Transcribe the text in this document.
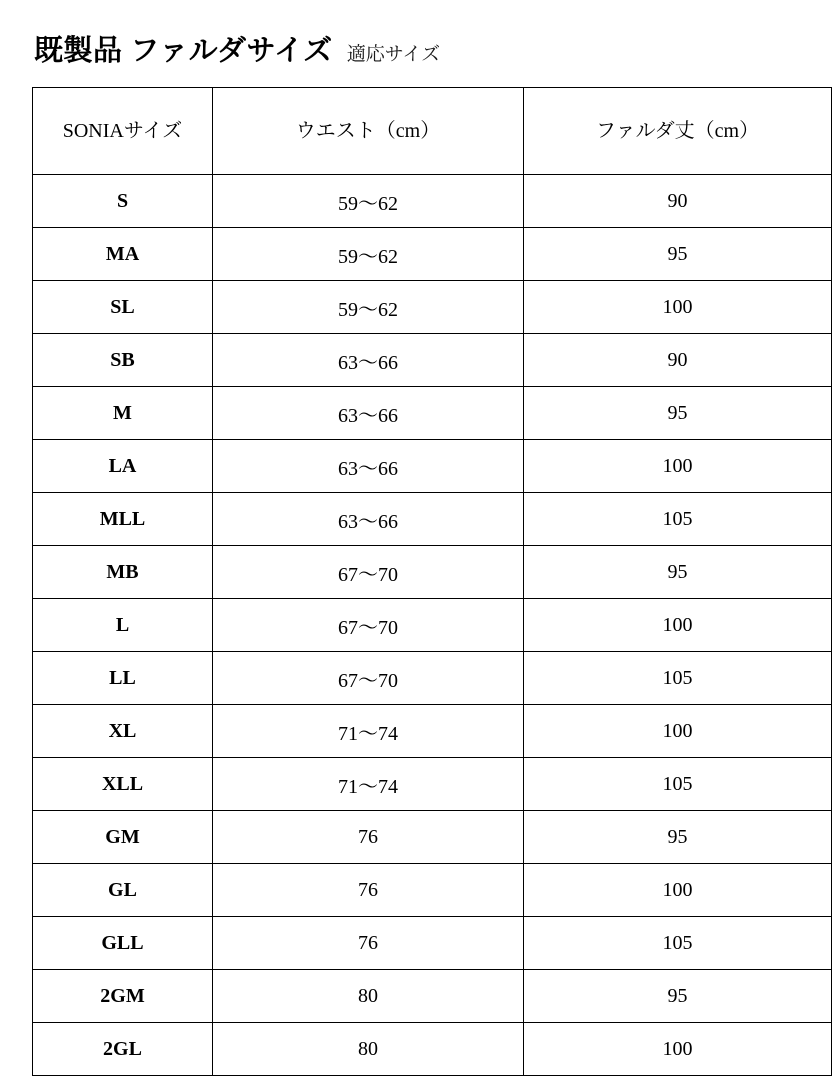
既製品 ファルダサイズ 適応サイズ
SONIAサイズ	ウエスト（cm）	ファルダ丈（cm）

S	59〜62	90
MA	59〜62	95
SL	59〜62	100
SB	63〜66	90
M	63〜66	95
LA	63〜66	100
MLL	63〜66	105
MB	67〜70	95
L	67〜70	100
LL	67〜70	105
XL	71〜74	100
XLL	71〜74	105
GM	76	95
GL	76	100
GLL	76	105
2GM	80	95
2GL	80	100
